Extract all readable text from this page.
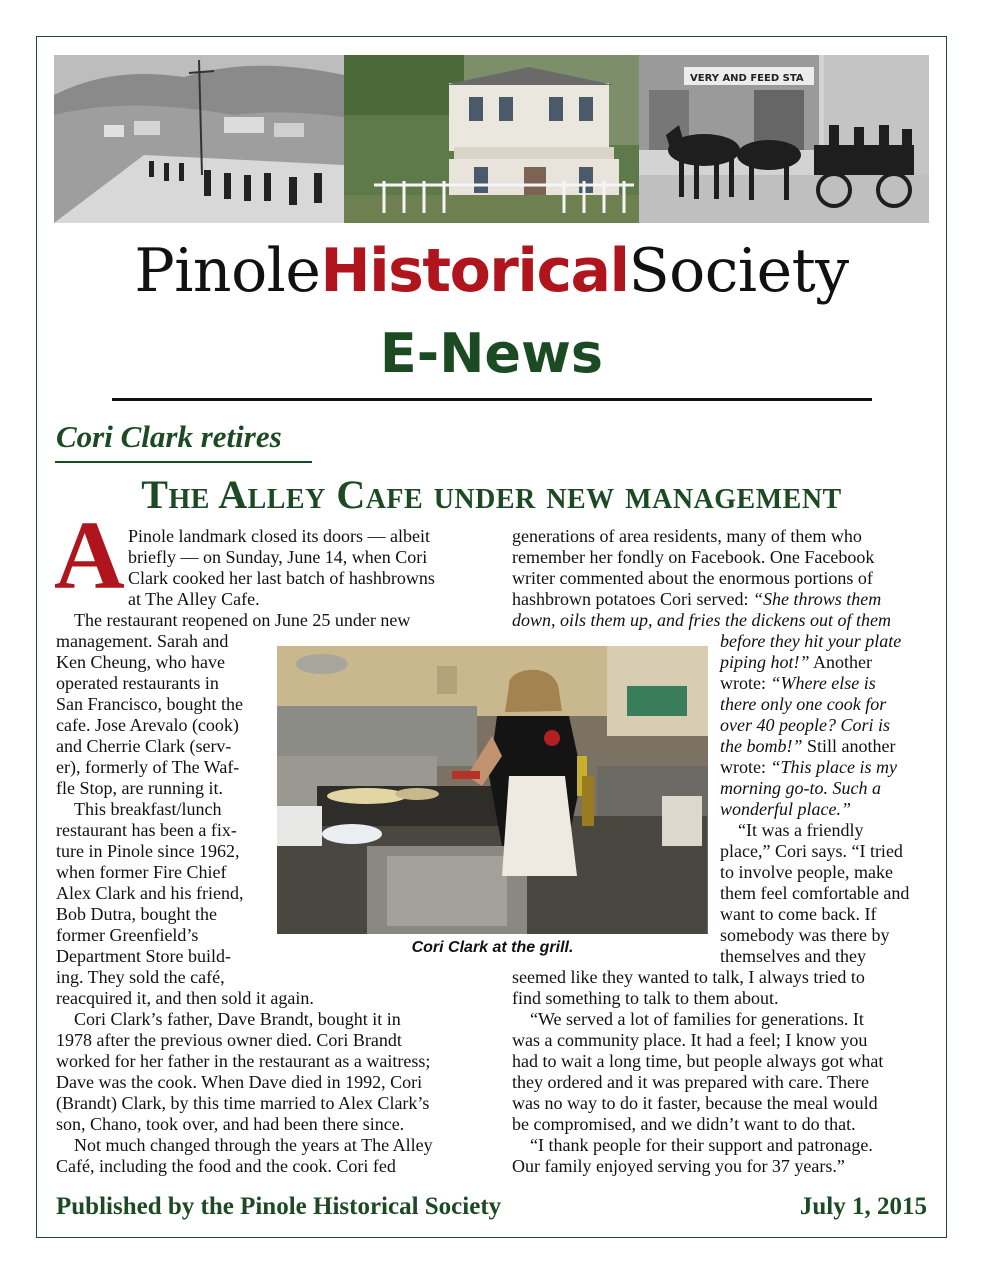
VERY AND FEED STA
PinoleHistoricalSociety
E-News
Cori Clark retires
The Alley Cafe under new management
A Pinole landmark closed its doors — albeit
briefly — on Sunday, June 14, when Cori
Clark cooked her last batch of hashbrowns
at The Alley Cafe.
The restaurant reopened on June 25 under new
management. Sarah and
Ken Cheung, who have
operated restaurants in
San Francisco, bought the
cafe. Jose Arevalo (cook)
and Cherrie Clark (serv-
er), formerly of The Waf-
fle Stop, are running it.
This breakfast/lunch
restaurant has been a fix-
ture in Pinole since 1962,
when former Fire Chief
Alex Clark and his friend,
Bob Dutra, bought the
former Greenfield’s
Department Store build-
ing. They sold the café,
reacquired it, and then sold it again.
Cori Clark’s father, Dave Brandt, bought it in
1978 after the previous owner died. Cori Brandt
worked for her father in the restaurant as a waitress;
Dave was the cook. When Dave died in 1992, Cori
(Brandt) Clark, by this time married to Alex Clark’s
son, Chano, took over, and had been there since.
Not much changed through the years at The Alley
Café, including the food and the cook. Cori fed
generations of area residents, many of them who
remember her fondly on Facebook. One Facebook
writer commented about the enormous portions of
hashbrown potatoes Cori served: “She throws them
down, oils them up, and fries the dickens out of them
before they hit your plate
piping hot!” Another
wrote: “Where else is
there only one cook for
over 40 people? Cori is
the bomb!” Still another
wrote: “This place is my
morning go-to. Such a
wonderful place.”
“It was a friendly
place,” Cori says. “I tried
to involve people, make
them feel comfortable and
want to come back. If
somebody was there by
themselves and they
seemed like they wanted to talk, I always tried to
find something to talk to them about.
“We served a lot of families for generations. It
was a community place. It had a feel; I know you
had to wait a long time, but people always got what
they ordered and it was prepared with care. There
was no way to do it faster, because the meal would
be compromised, and we didn’t want to do that.
“I thank people for their support and patronage.
Our family enjoyed serving you for 37 years.”
Cori Clark at the grill.
Published by the Pinole Historical Society	July 1, 2015
